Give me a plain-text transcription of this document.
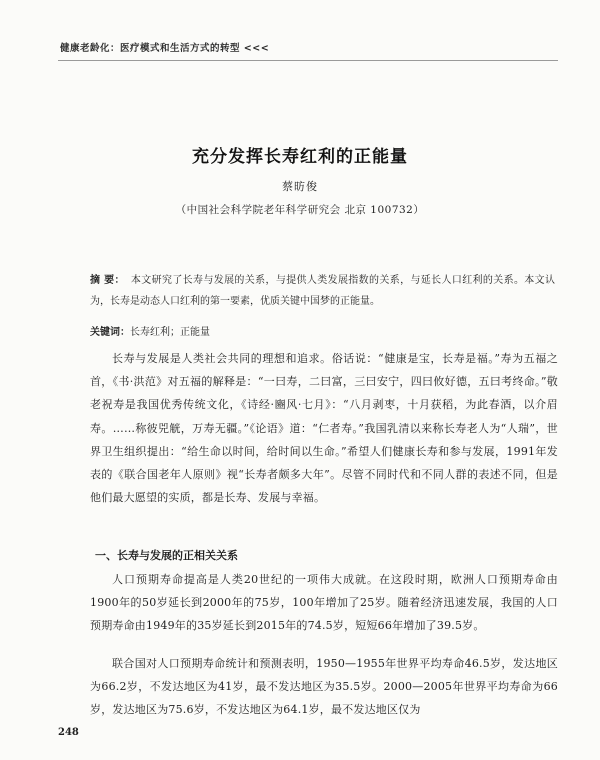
健康老龄化：医疗模式和生活方式的转型 <<<
充分发挥长寿红利的正能量
蔡昉俊
（中国社会科学院老年科学研究会 北京 100732）
摘 要： 本文研究了长寿与发展的关系，与提供人类发展指数的关系，与延长人口红利的关系。本文认为，长寿是动态人口红利的第一要素，优质关键中国梦的正能量。
关键词：长寿红利；正能量
长寿与发展是人类社会共同的理想和追求。俗话说：“健康是宝，长寿是福。”寿为五福之首，《书·洪范》对五福的解释是：“一曰寿，二曰富，三曰安宁，四曰攸好德，五曰考终命。”敬老祝寿是我国优秀传统文化，《诗经·豳风·七月》：“八月剥枣，十月获稻，为此春酒，以介眉寿。……称彼兕觥，万寿无疆。”《论语》道：“仁者寿。”我国乳清以来称长寿老人为“人瑞”，世界卫生组织提出：“给生命以时间，给时间以生命。”希望人们健康长寿和参与发展，1991年发表的《联合国老年人原则》视“长寿者颇多大年”。尽管不同时代和不同人群的表述不同，但是他们最大愿望的实质，都是长寿、发展与幸福。
一、长寿与发展的正相关关系
人口预期寿命提高是人类20世纪的一项伟大成就。在这段时期，欧洲人口预期寿命由1900年的50岁延长到2000年的75岁，100年增加了25岁。随着经济迅速发展，我国的人口预期寿命由1949年的35岁延长到2015年的74.5岁，短短66年增加了39.5岁。
联合国对人口预期寿命统计和预测表明，1950—1955年世界平均寿命46.5岁，发达地区为66.2岁，不发达地区为41岁，最不发达地区为35.5岁。2000—2005年世界平均寿命为66岁，发达地区为75.6岁，不发达地区为64.1岁，最不发达地区仅为
248
